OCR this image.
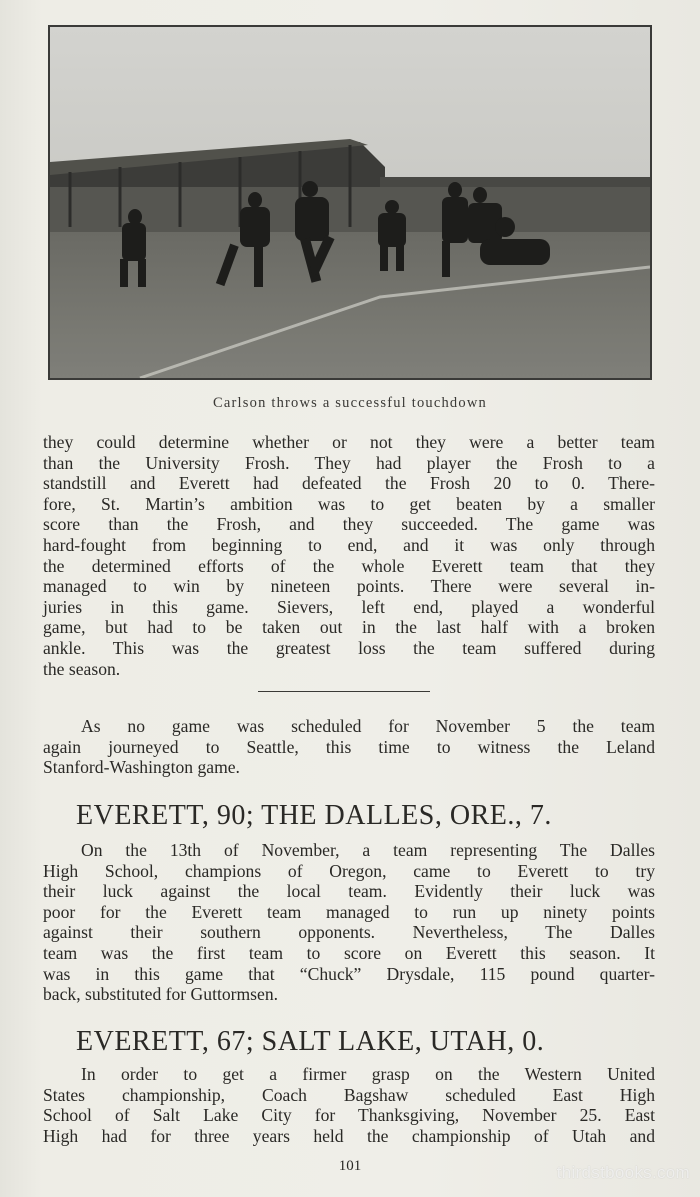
Carlson throws a successful touchdown

they could determine whether or not they were a better team
than the University Frosh. They had player the Frosh to a
standstill and Everett had defeated the Frosh 20 to 0. There-
fore, St. Martin’s ambition was to get beaten by a smaller
score than the Frosh, and they succeeded. The game was
hard-fought from beginning to end, and it was only through
the determined efforts of the whole Everett team that they
managed to win by nineteen points. There were several in-
juries in this game. Sievers, left end, played a wonderful
game, but had to be taken out in the last half with a broken
ankle. This was the greatest loss the team suffered during
the season.

As no game was scheduled for November 5 the team
again journeyed to Seattle, this time to witness the Leland
Stanford-Washington game.

EVERETT, 90; THE DALLES, ORE., 7.

On the 13th of November, a team representing The Dalles
High School, champions of Oregon, came to Everett to try
their luck against the local team. Evidently their luck was
poor for the Everett team managed to run up ninety points
against their southern opponents. Nevertheless, The Dalles
team was the first team to score on Everett this season. It
was in this game that “Chuck” Drysdale, 115 pound quarter-
back, substituted for Guttormsen.

EVERETT, 67; SALT LAKE, UTAH, 0.

In order to get a firmer grasp on the Western United
States championship, Coach Bagshaw scheduled East High
School of Salt Lake City for Thanksgiving, November 25. East
High had for three years held the championship of Utah and

101	thirdstbooks.com
